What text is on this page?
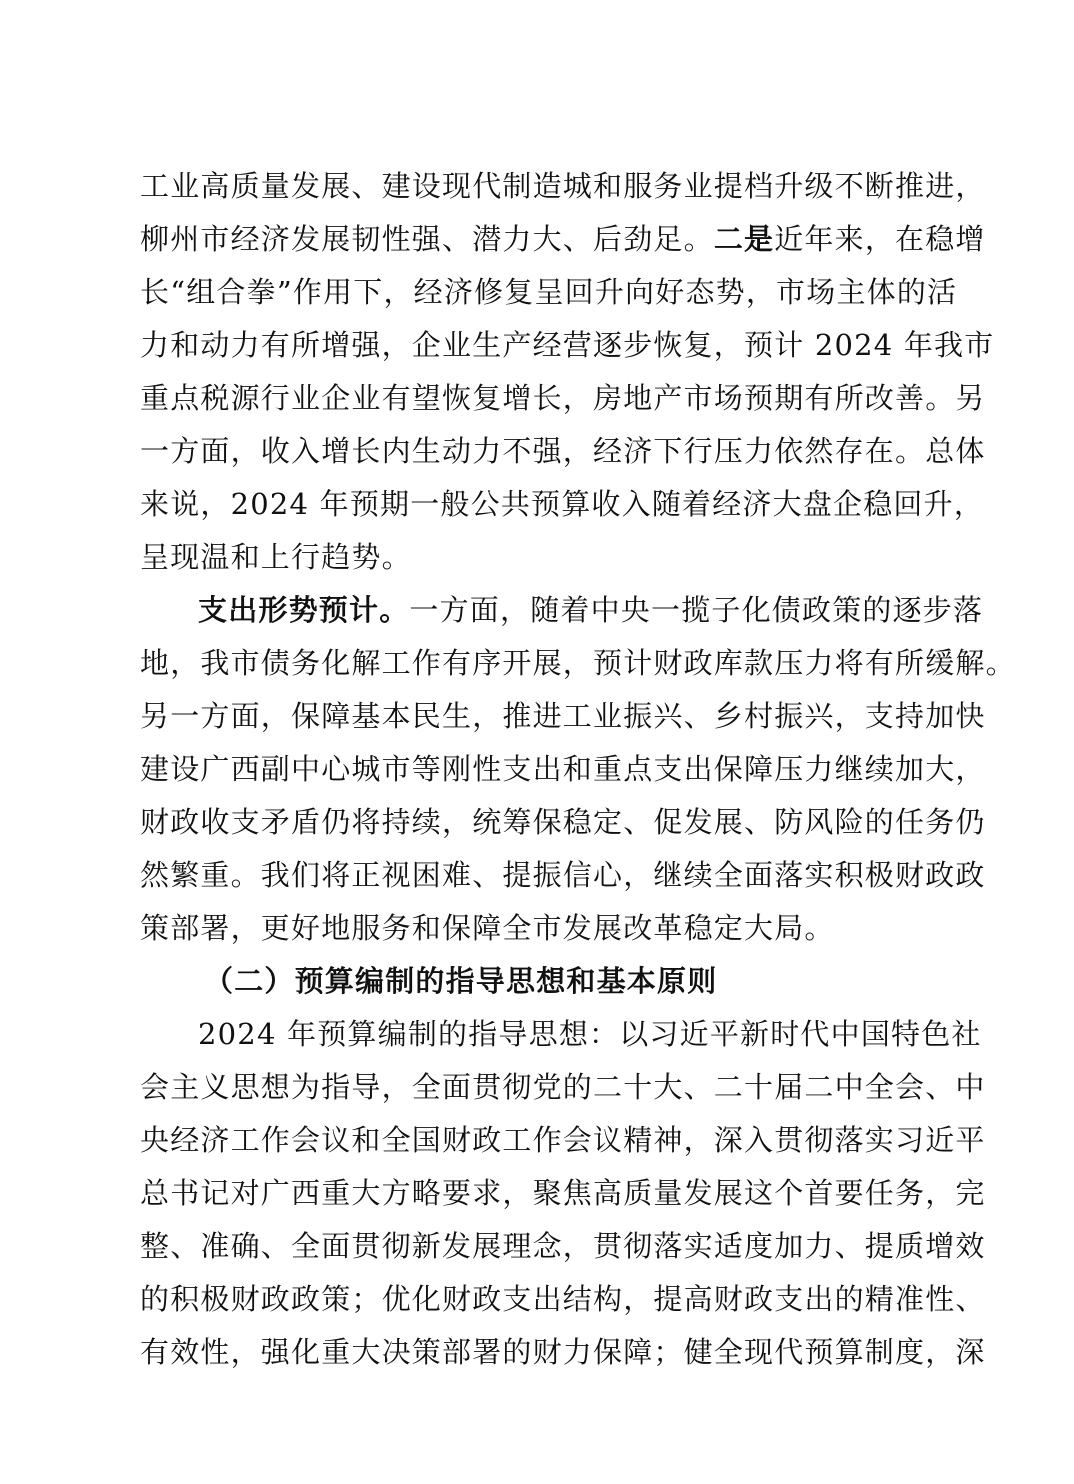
工业高质量发展、建设现代制造城和服务业提档升级不断推进，
柳州市经济发展韧性强、潜力大、后劲足。二是近年来，在稳增
长“组合拳”作用下，经济修复呈回升向好态势，市场主体的活
力和动力有所增强，企业生产经营逐步恢复，预计 2024 年我市
重点税源行业企业有望恢复增长，房地产市场预期有所改善。另
一方面，收入增长内生动力不强，经济下行压力依然存在。总体
来说，2024 年预期一般公共预算收入随着经济大盘企稳回升，
呈现温和上行趋势。
支出形势预计。一方面，随着中央一揽子化债政策的逐步落
地，我市债务化解工作有序开展，预计财政库款压力将有所缓解。
另一方面，保障基本民生，推进工业振兴、乡村振兴，支持加快
建设广西副中心城市等刚性支出和重点支出保障压力继续加大，
财政收支矛盾仍将持续，统筹保稳定、促发展、防风险的任务仍
然繁重。我们将正视困难、提振信心，继续全面落实积极财政政
策部署，更好地服务和保障全市发展改革稳定大局。
（二）预算编制的指导思想和基本原则
2024 年预算编制的指导思想：以习近平新时代中国特色社
会主义思想为指导，全面贯彻党的二十大、二十届二中全会、中
央经济工作会议和全国财政工作会议精神，深入贯彻落实习近平
总书记对广西重大方略要求，聚焦高质量发展这个首要任务，完
整、准确、全面贯彻新发展理念，贯彻落实适度加力、提质增效
的积极财政政策；优化财政支出结构，提高财政支出的精准性、
有效性，强化重大决策部署的财力保障；健全现代预算制度，深
